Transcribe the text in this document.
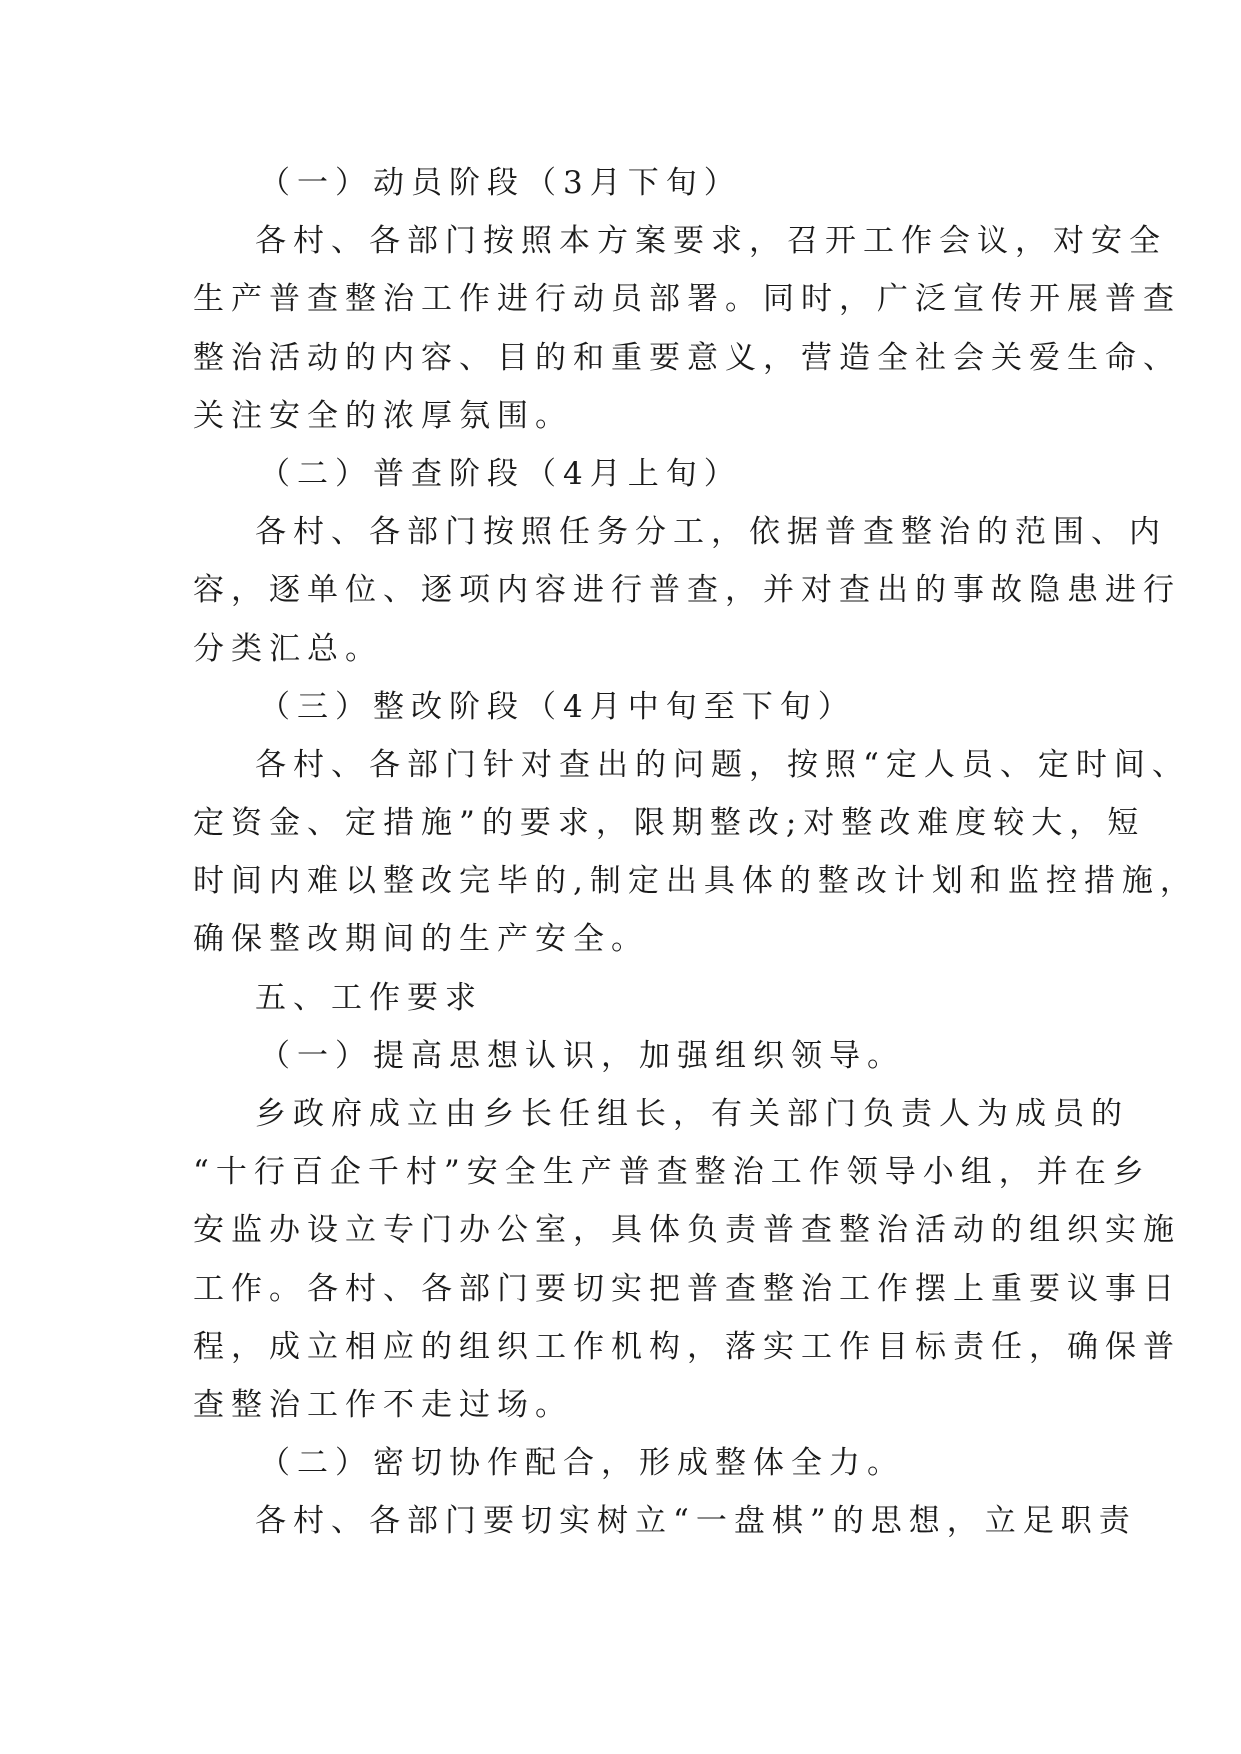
（一）动员阶段（3月下旬）
各村、各部门按照本方案要求，召开工作会议，对安全
生产普查整治工作进行动员部署。同时，广泛宣传开展普查
整治活动的内容、目的和重要意义，营造全社会关爱生命、
关注安全的浓厚氛围。
（二）普查阶段（4月上旬）
各村、各部门按照任务分工，依据普查整治的范围、内
容，逐单位、逐项内容进行普查，并对查出的事故隐患进行
分类汇总。
（三）整改阶段（4月中旬至下旬）
各村、各部门针对查出的问题，按照“定人员、定时间、
定资金、定措施”的要求，限期整改;对整改难度较大，短
时间内难以整改完毕的,制定出具体的整改计划和监控措施，
确保整改期间的生产安全。
五、工作要求
（一）提高思想认识，加强组织领导。
乡政府成立由乡长任组长，有关部门负责人为成员的
“十行百企千村”安全生产普查整治工作领导小组，并在乡
安监办设立专门办公室，具体负责普查整治活动的组织实施
工作。各村、各部门要切实把普查整治工作摆上重要议事日
程，成立相应的组织工作机构，落实工作目标责任，确保普
查整治工作不走过场。
（二）密切协作配合，形成整体全力。
各村、各部门要切实树立“一盘棋”的思想，立足职责
